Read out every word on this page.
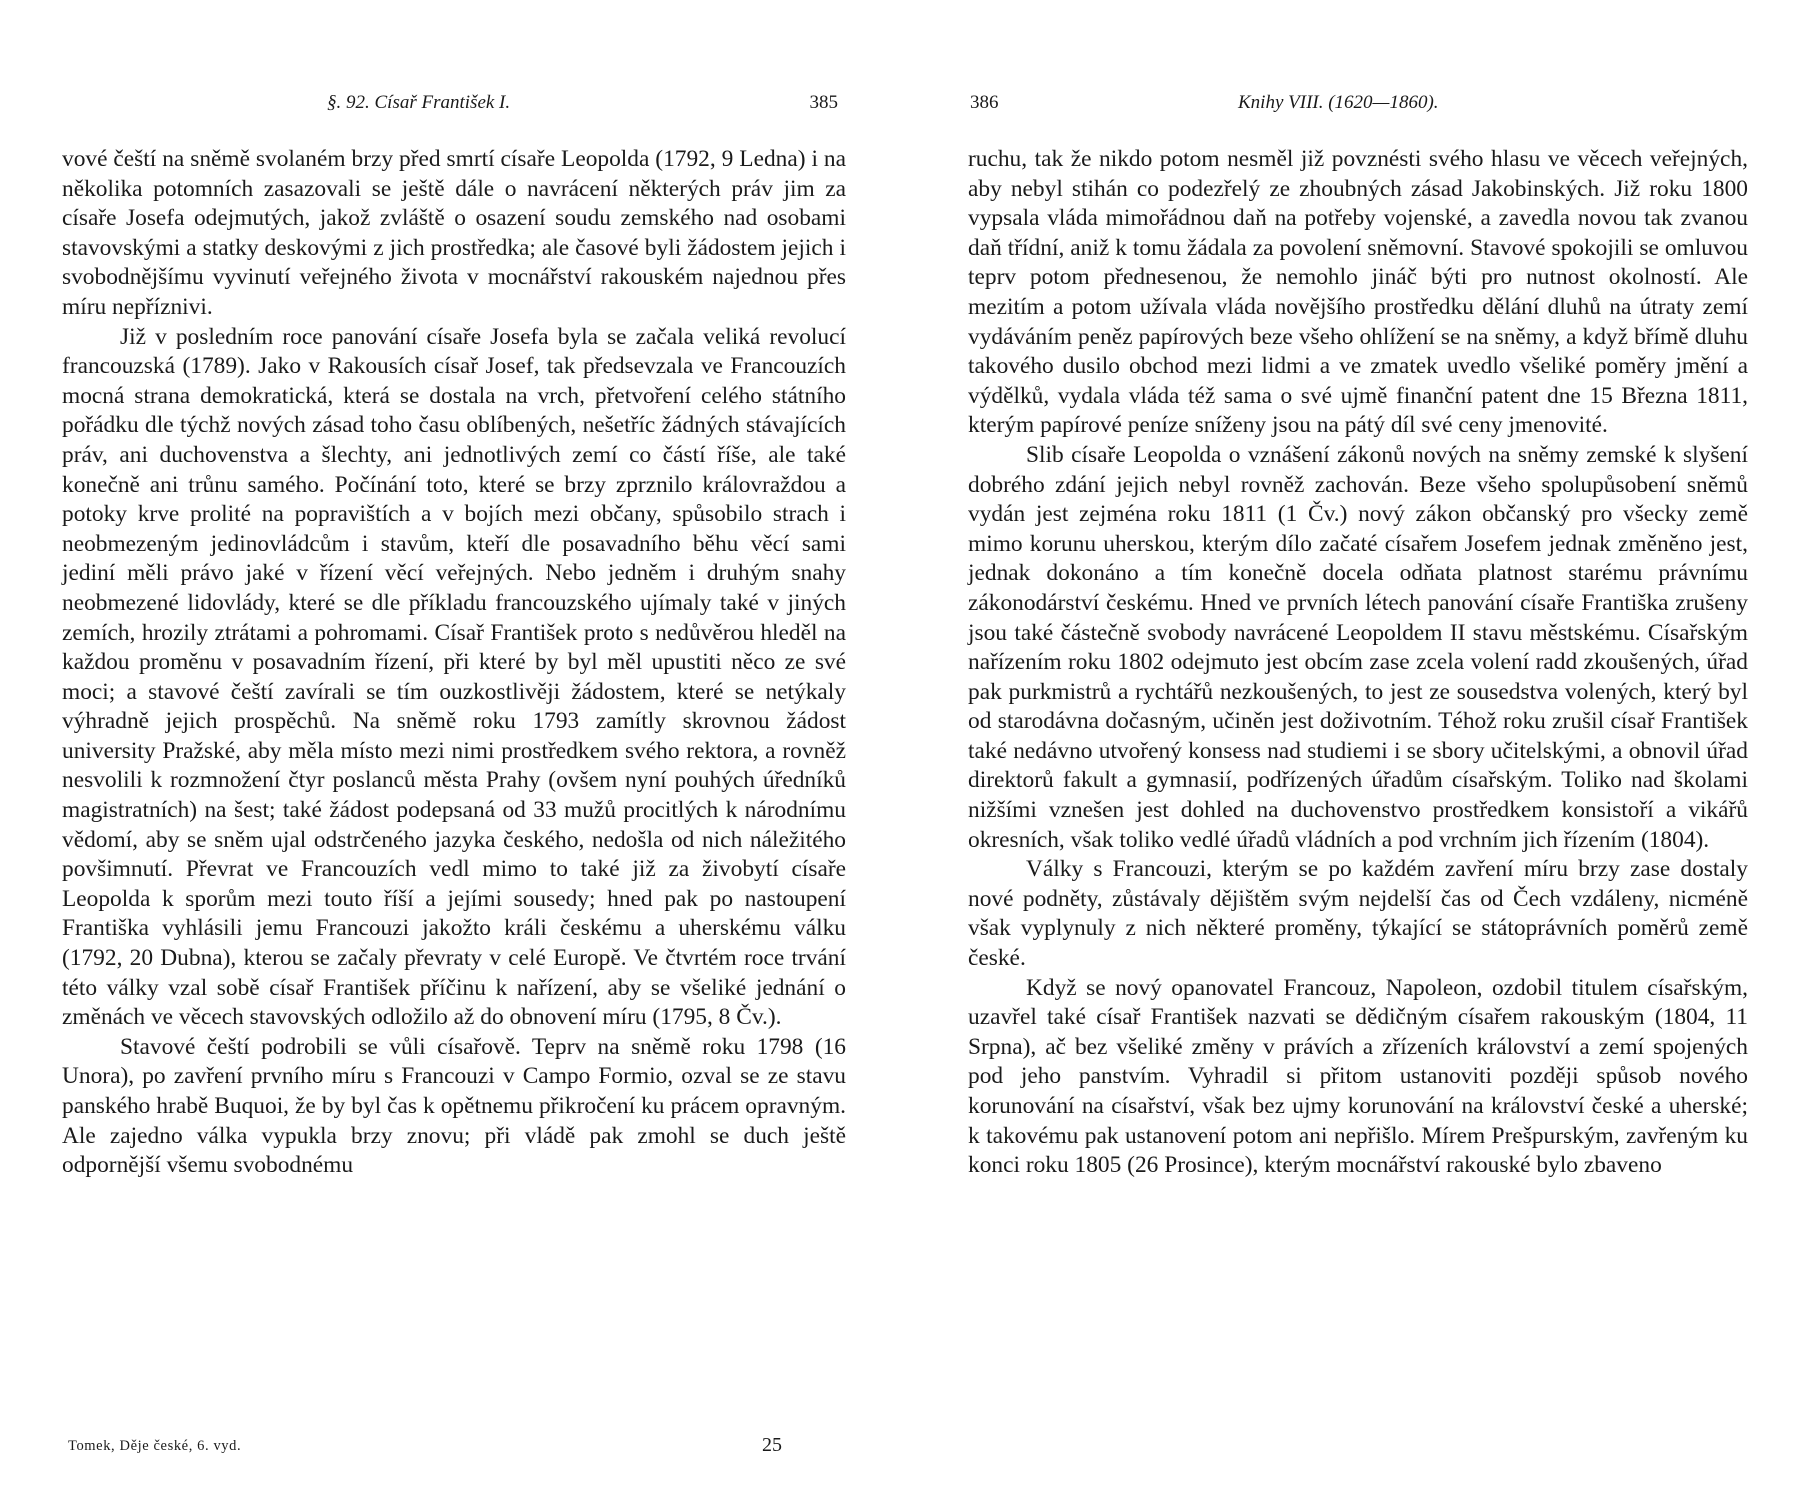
§. 92. Císař František I.	385

vové čeští na sněmě svolaném brzy před smrtí císaře Leopolda (1792, 9 Ledna) i na několika potomních zasazovali se ještě dále o navrácení některých práv jim za císaře Josefa odejmutých, jakož zvláště o osazení soudu zemského nad osobami stavovskými a statky deskovými z jich prostředka; ale časové byli žádostem jejich i svobodnějšímu vyvinutí veřejného života v mocnářství rakouském najednou přes míru nepříznivi.

Již v posledním roce panování císaře Josefa byla se začala veliká revolucí francouzská (1789). Jako v Rakousích císař Josef, tak předsevzala ve Francouzích mocná strana demokratická, která se dostala na vrch, přetvoření celého státního pořádku dle týchž nových zásad toho času oblíbených, nešetříc žádných stávajících práv, ani duchovenstva a šlechty, ani jednotlivých zemí co částí říše, ale také konečně ani trůnu samého. Počínání toto, které se brzy zprznilo královraždou a potoky krve prolité na popravištích a v bojích mezi občany, spůsobilo strach i neobmezeným jedinovládcům i stavům, kteří dle posavadního běhu věcí sami jediní měli právo jaké v řízení věcí veřejných. Nebo jedněm i druhým snahy neobmezené lidovlády, které se dle příkladu francouzského ujímaly také v jiných zemích, hrozily ztrátami a pohromami. Císař František proto s nedůvěrou hleděl na každou proměnu v posavadním řízení, při které by byl měl upustiti něco ze své moci; a stavové čeští zavírali se tím ouzkostlivěji žádostem, které se netýkaly výhradně jejich prospěchů. Na sněmě roku 1793 zamítly skrovnou žádost university Pražské, aby měla místo mezi nimi prostředkem svého rektora, a rovněž nesvolili k rozmnožení čtyr poslanců města Prahy (ovšem nyní pouhých úředníků magistratních) na šest; také žádost podepsaná od 33 mužů procitlých k národnímu vědomí, aby se sněm ujal odstrčeného jazyka českého, nedošla od nich náležitého povšimnutí. Převrat ve Francouzích vedl mimo to také již za živobytí císaře Leopolda k sporům mezi touto říší a jejími sousedy; hned pak po nastoupení Františka vyhlásili jemu Francouzi jakožto králi českému a uherskému válku (1792, 20 Dubna), kterou se začaly převraty v celé Europě. Ve čtvrtém roce trvání této války vzal sobě císař František příčinu k nařízení, aby se všeliké jednání o změnách ve věcech stavovských odložilo až do obnovení míru (1795, 8 Čv.).

Stavové čeští podrobili se vůli císařově. Teprv na sněmě roku 1798 (16 Unora), po zavření prvního míru s Francouzi v Campo Formio, ozval se ze stavu panského hrabě Buquoi, že by byl čas k opětnemu přikročení ku prácem opravným. Ale zajedno válka vypukla brzy znovu; při vládě pak zmohl se duch ještě odpornější všemu svobodnému

Tomek, Děje české, 6. vyd.	25
386	Knihy VIII. (1620—1860).

ruchu, tak že nikdo potom nesměl již povznésti svého hlasu ve věcech veřejných, aby nebyl stihán co podezřelý ze zhoubných zásad Jakobinských. Již roku 1800 vypsala vláda mimořádnou daň na potřeby vojenské, a zavedla novou tak zvanou daň třídní, aniž k tomu žádala za povolení sněmovní. Stavové spokojili se omluvou teprv potom přednesenou, že nemohlo jináč býti pro nutnost okolností. Ale mezitím a potom užívala vláda novějšího prostředku dělání dluhů na útraty zemí vydáváním peněz papírových beze všeho ohlížení se na sněmy, a když břímě dluhu takového dusilo obchod mezi lidmi a ve zmatek uvedlo všeliké poměry jmění a výdělků, vydala vláda též sama o své ujmě finanční patent dne 15 Března 1811, kterým papírové peníze sníženy jsou na pátý díl své ceny jmenovité.

Slib císaře Leopolda o vznášení zákonů nových na sněmy zemské k slyšení dobrého zdání jejich nebyl rovněž zachován. Beze všeho spolupůsobení sněmů vydán jest zejména roku 1811 (1 Čv.) nový zákon občanský pro všecky země mimo korunu uherskou, kterým dílo začaté císařem Josefem jednak změněno jest, jednak dokonáno a tím konečně docela odňata platnost starému právnímu zákonodárství českému. Hned ve prvních létech panování císaře Františka zrušeny jsou také částečně svobody navrácené Leopoldem II stavu městskému. Císařským nařízením roku 1802 odejmuto jest obcím zase zcela volení radd zkoušených, úřad pak purkmistrů a rychtářů nezkoušených, to jest ze sousedstva volených, který byl od starodávna dočasným, učiněn jest doživotním. Téhož roku zrušil císař František také nedávno utvořený konsess nad studiemi i se sbory učitelskými, a obnovil úřad direktorů fakult a gymnasií, podřízených úřadům císařským. Toliko nad školami nižšími vznešen jest dohled na duchovenstvo prostředkem konsistoří a vikářů okresních, však toliko vedlé úřadů vládních a pod vrchním jich řízením (1804).

Války s Francouzi, kterým se po každém zavření míru brzy zase dostaly nové podněty, zůstávaly dějištěm svým nejdelší čas od Čech vzdáleny, nicméně však vyplynuly z nich některé proměny, týkající se státoprávních poměrů země české.

Když se nový opanovatel Francouz, Napoleon, ozdobil titulem císařským, uzavřel také císař František nazvati se dědičným císařem rakouským (1804, 11 Srpna), ač bez všeliké změny v právích a zřízeních království a zemí spojených pod jeho panstvím. Vyhradil si přitom ustanoviti později spůsob nového korunování na císařství, však bez ujmy korunování na království české a uherské; k takovému pak ustanovení potom ani nepřišlo. Mírem Prešpurským, zavřeným ku konci roku 1805 (26 Prosince), kterým mocnářství rakouské bylo zbaveno
